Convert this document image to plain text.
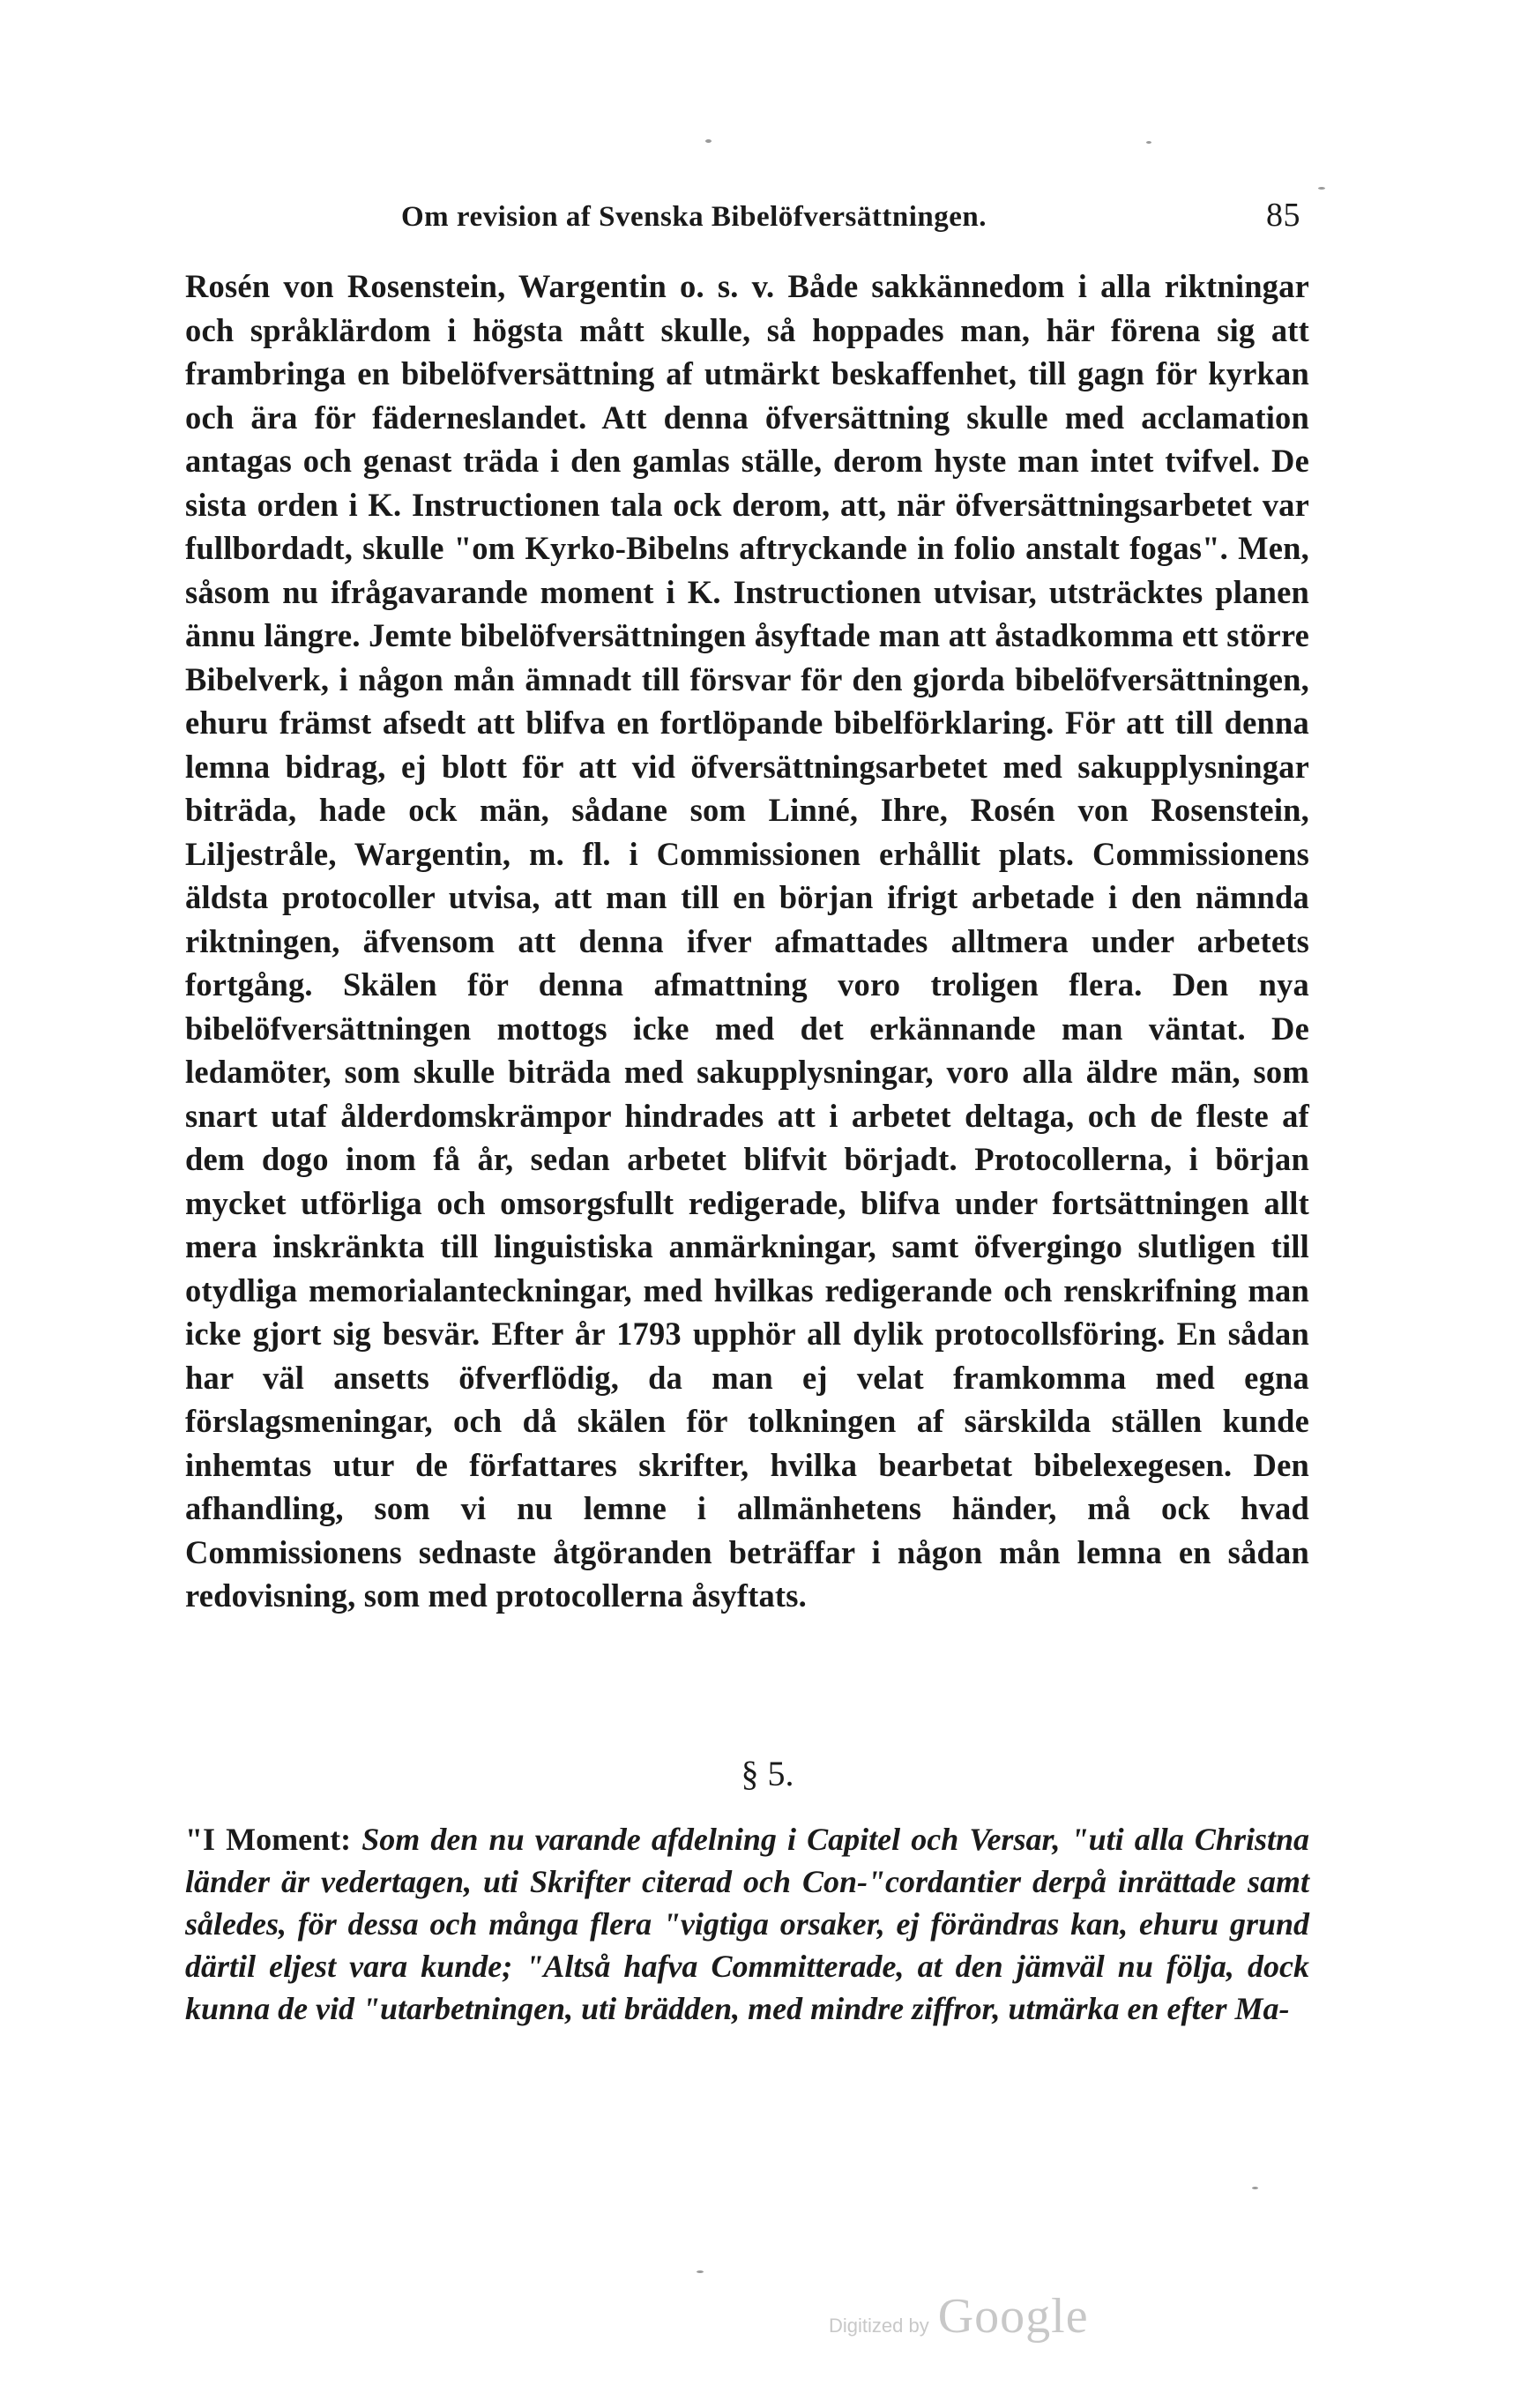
Om revision af Svenska Bibelöfversättningen.	85

Rosén von Rosenstein, Wargentin o. s. v. Både sakkännedom i alla riktningar och språklärdom i högsta mått skulle, så hoppades man, här förena sig att frambringa en bibelöfversättning af utmärkt beskaffenhet, till gagn för kyrkan och ära för fäderneslandet. Att denna öfversättning skulle med acclamation antagas och genast träda i den gamlas ställe, derom hyste man intet tvifvel. De sista orden i K. Instructionen tala ock derom, att, när öfversättningsarbetet var fullbordadt, skulle "om Kyrko-Bibelns aftryckande in folio anstalt fogas". Men, såsom nu ifrågavarande moment i K. Instructionen utvisar, utsträcktes planen ännu längre. Jemte bibelöfversättningen åsyftade man att åstadkomma ett större Bibelverk, i någon mån ämnadt till försvar för den gjorda bibelöfversättningen, ehuru främst afsedt att blifva en fortlöpande bibelförklaring. För att till denna lemna bidrag, ej blott för att vid öfversättningsarbetet med sakupplysningar biträda, hade ock män, sådane som Linné, Ihre, Rosén von Rosenstein, Liljestråle, Wargentin, m. fl. i Commissionen erhållit plats. Commissionens äldsta protocoller utvisa, att man till en början ifrigt arbetade i den nämnda riktningen, äfvensom att denna ifver afmattades alltmera under arbetets fortgång. Skälen för denna afmattning voro troligen flera. Den nya bibelöfversättningen mottogs icke med det erkännande man väntat. De ledamöter, som skulle biträda med sakupplysningar, voro alla äldre män, som snart utaf ålderdomskrämpor hindrades att i arbetet deltaga, och de fleste af dem dogo inom få år, sedan arbetet blifvit börjadt. Protocollerna, i början mycket utförliga och omsorgsfullt redigerade, blifva under fortsättningen allt mera inskränkta till linguistiska anmärkningar, samt öfvergingo slutligen till otydliga memorialanteckningar, med hvilkas redigerande och renskrifning man icke gjort sig besvär. Efter år 1793 upphör all dylik protocollsföring. En sådan har väl ansetts öfverflödig, da man ej velat framkomma med egna förslagsmeningar, och då skälen för tolkningen af särskilda ställen kunde inhemtas utur de författares skrifter, hvilka bearbetat bibelexegesen. Den afhandling, som vi nu lemne i allmänhetens händer, må ock hvad Commissionens sednaste åtgöranden beträffar i någon mån lemna en sådan redovisning, som med protocollerna åsyftats.

§ 5.
"I Moment: Som den nu varande afdelning i Capitel och Versar, "uti alla Christna länder är vedertagen, uti Skrifter citerad och Con-"cordantier derpå inrättade samt således, för dessa och många flera "vigtiga orsaker, ej förändras kan, ehuru grund därtil eljest vara kunde; "Altså hafva Committerade, at den jämväl nu följa, dock kunna de vid "utarbetningen, uti brädden, med mindre ziffror, utmärka en efter Ma-
Digitized by Google
